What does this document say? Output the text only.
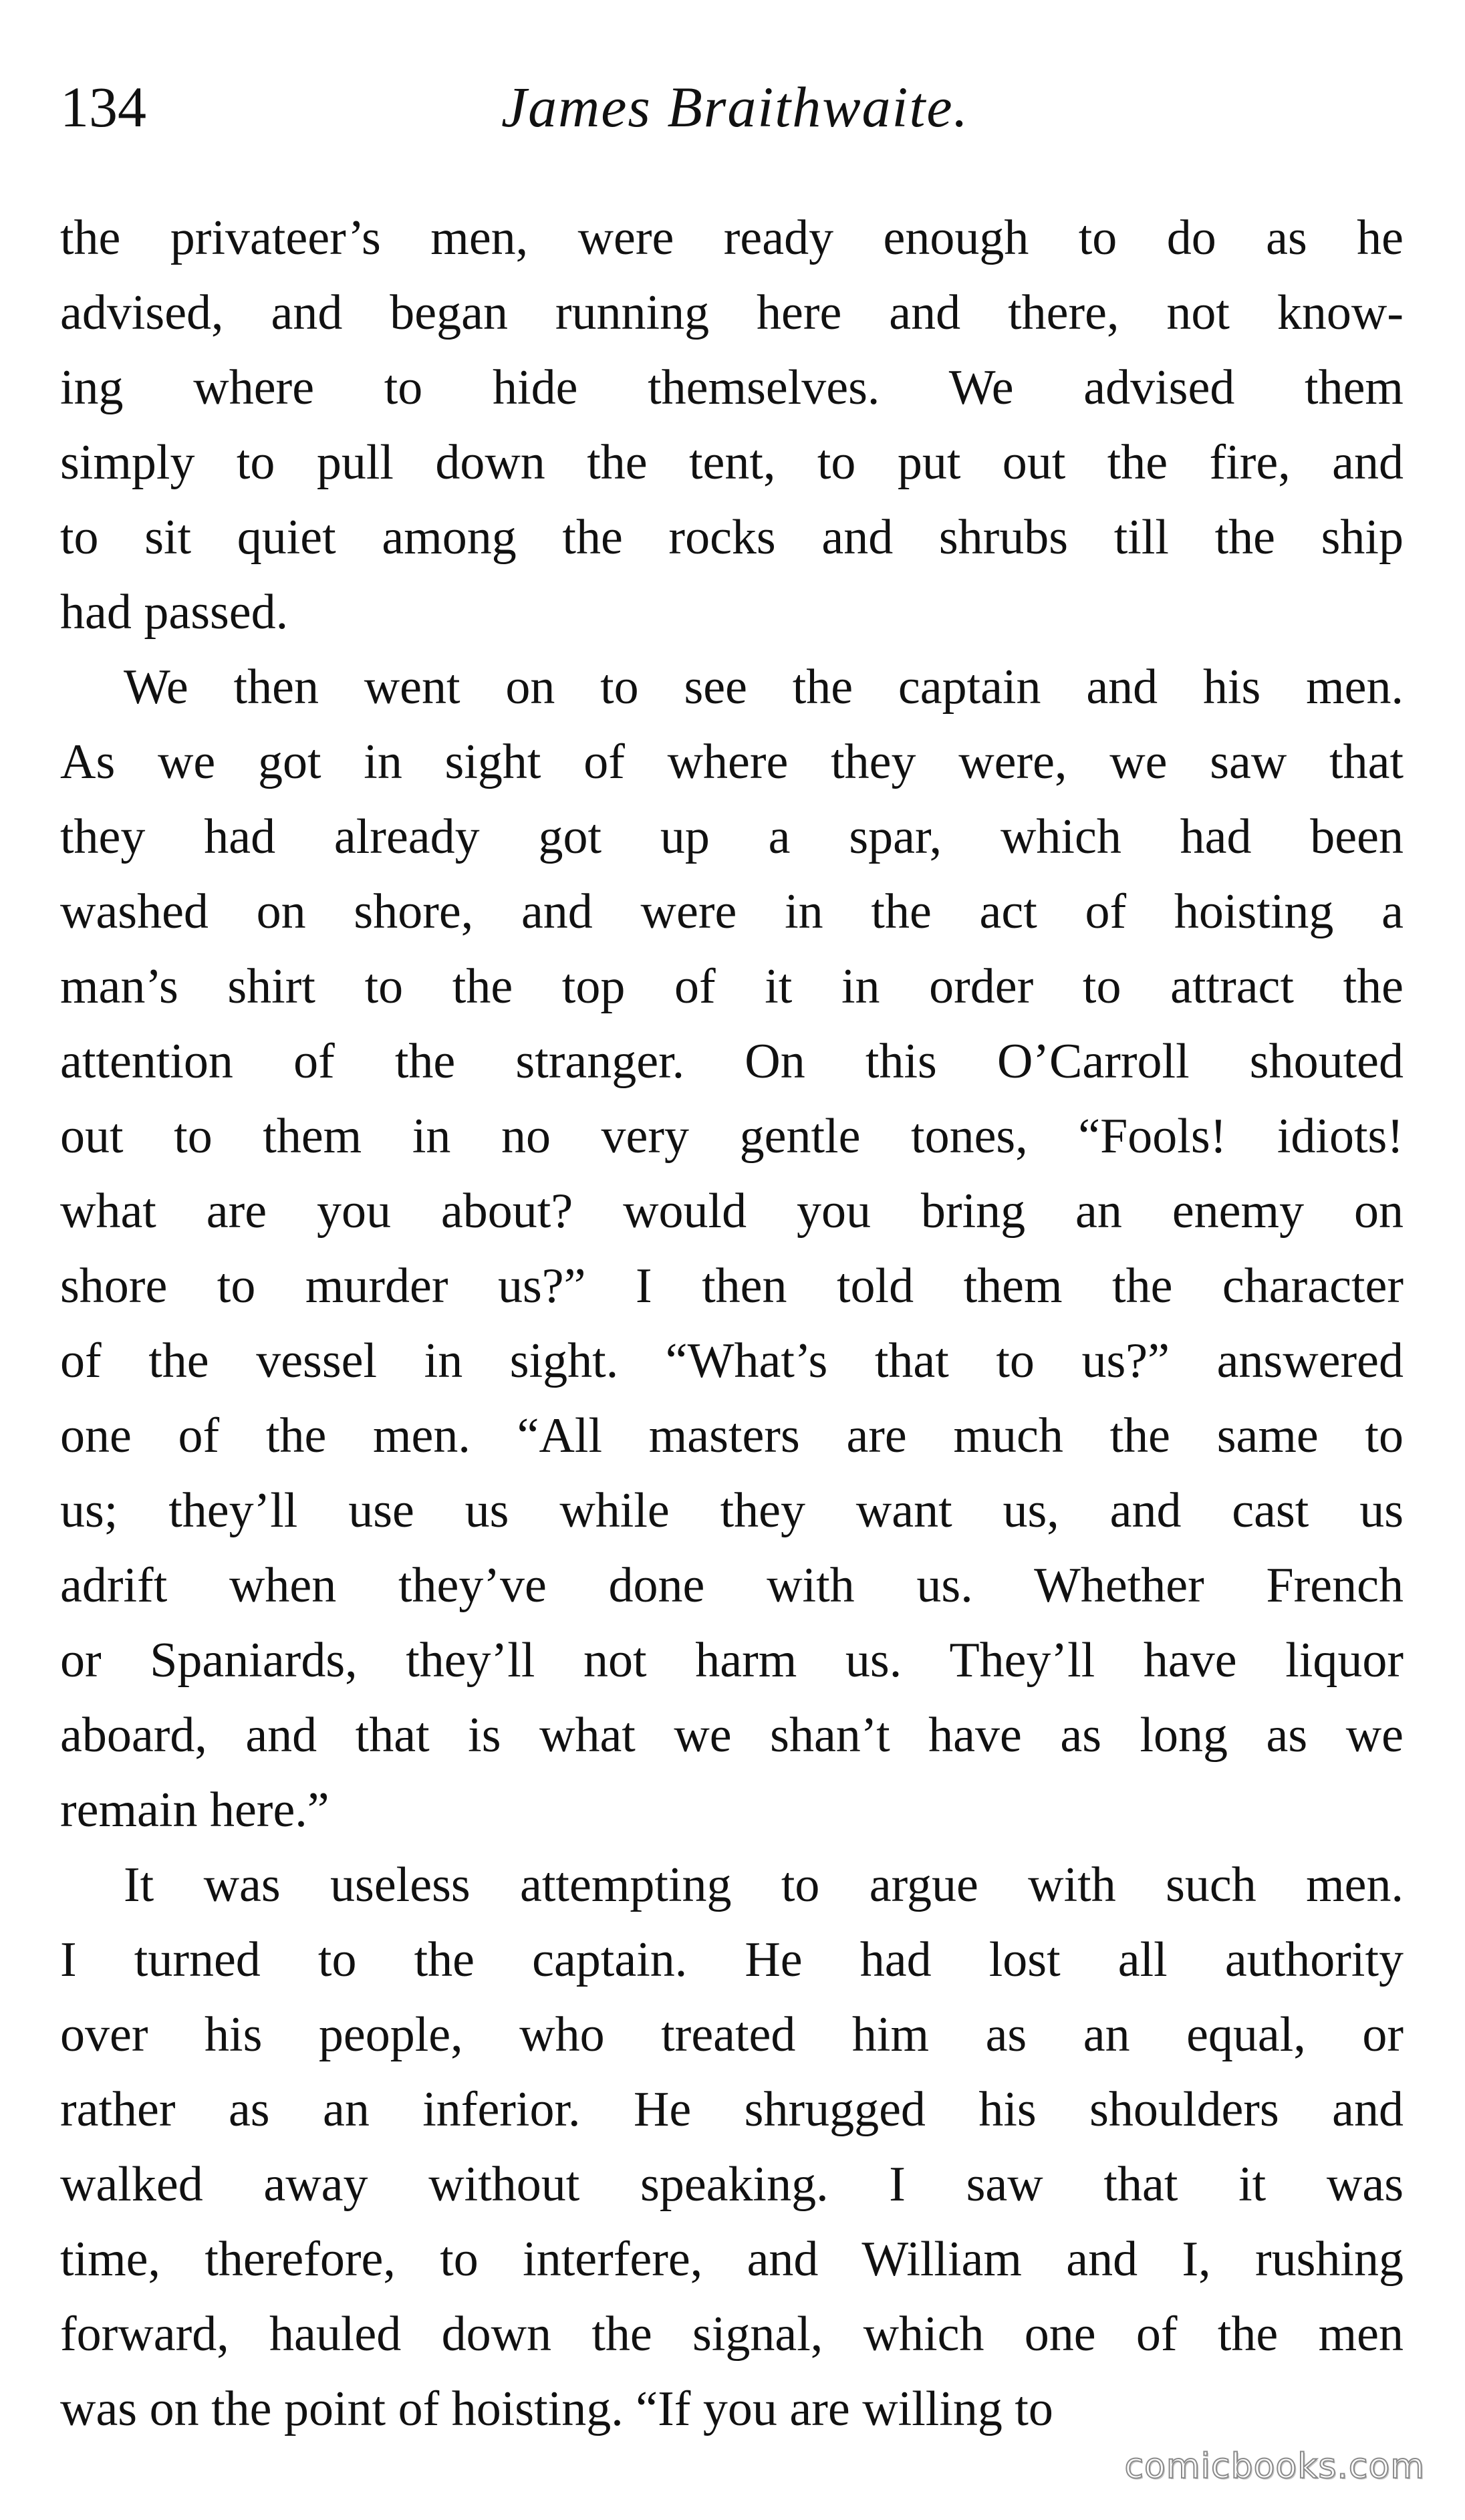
134	James Braithwaite.
the privateer’s men, were ready enough to do as he
advised, and began running here and there, not know-
ing where to hide themselves. We advised them
simply to pull down the tent, to put out the fire, and
to sit quiet among the rocks and shrubs till the ship
had passed.
We then went on to see the captain and his men.
As we got in sight of where they were, we saw that
they had already got up a spar, which had been
washed on shore, and were in the act of hoisting a
man’s shirt to the top of it in order to attract the
attention of the stranger. On this O’Carroll shouted
out to them in no very gentle tones, “Fools! idiots!
what are you about? would you bring an enemy on
shore to murder us?” I then told them the character
of the vessel in sight. “What’s that to us?” answered
one of the men. “All masters are much the same to
us; they’ll use us while they want us, and cast us
adrift when they’ve done with us. Whether French
or Spaniards, they’ll not harm us. They’ll have liquor
aboard, and that is what we shan’t have as long as we
remain here.”
It was useless attempting to argue with such men.
I turned to the captain. He had lost all authority
over his people, who treated him as an equal, or
rather as an inferior. He shrugged his shoulders and
walked away without speaking. I saw that it was
time, therefore, to interfere, and William and I, rushing
forward, hauled down the signal, which one of the men
was on the point of hoisting. “If you are willing to
comicbooks.com
